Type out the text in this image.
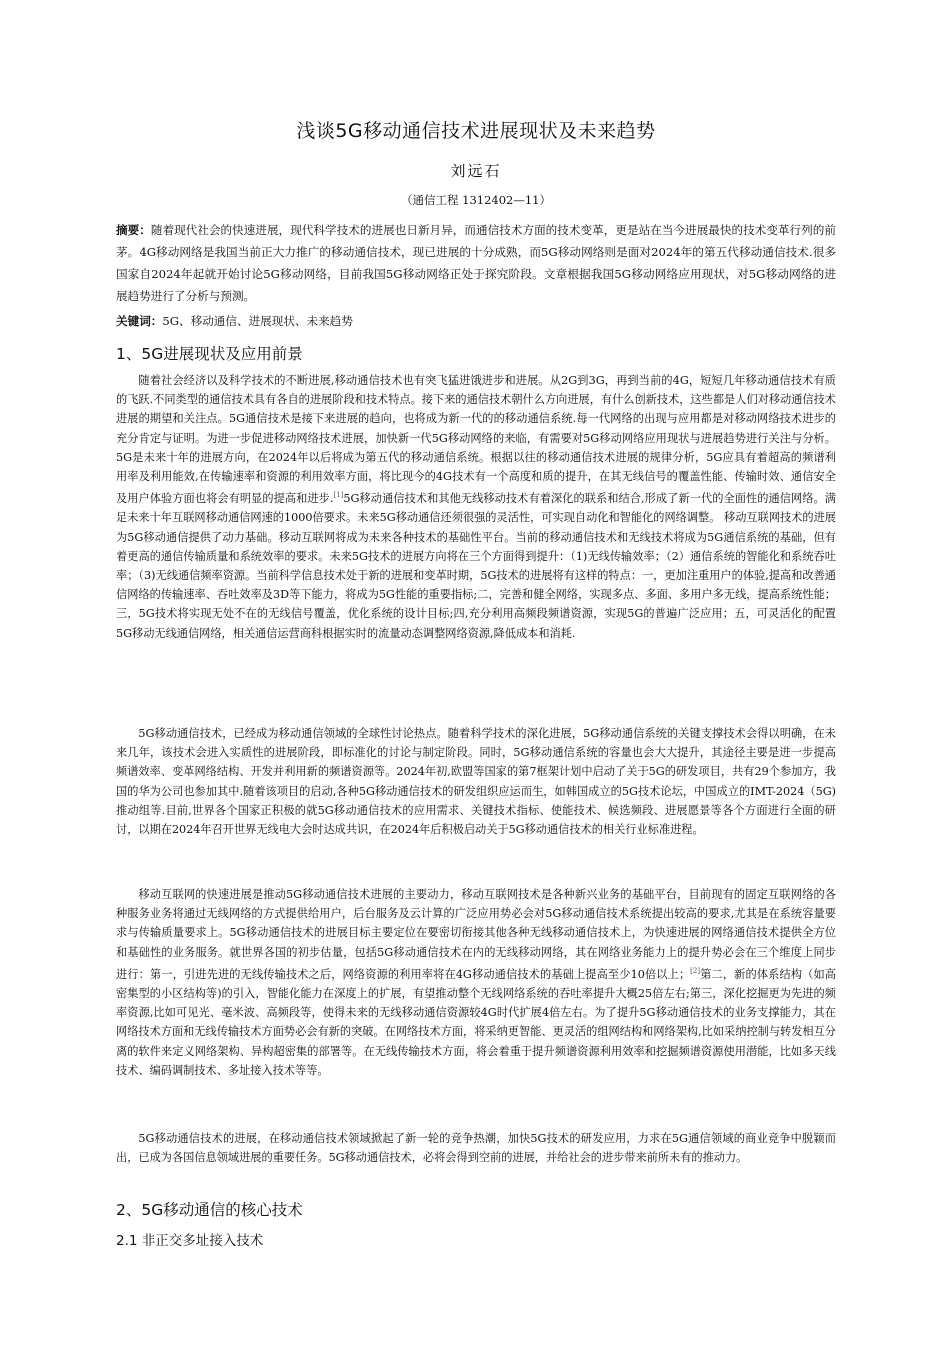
浅谈5G移动通信技术进展现状及未来趋势
刘远石
（通信工程 1312402—11）
摘要：随着现代社会的快速进展，现代科学技术的进展也日新月异，而通信技术方面的技术变革，更是站在当今进展最快的技术变革行列的前茅。4G移动网络是我国当前正大力推广的移动通信技术，现已进展的十分成熟，而5G移动网络则是面对2024年的第五代移动通信技术.很多国家自2024年起就开始讨论5G移动网络，目前我国5G移动网络正处于探究阶段。文章根据我国5G移动网络应用现状，对5G移动网络的进展趋势进行了分析与预测。
关键词：5G、移动通信、进展现状、未来趋势
1、5G进展现状及应用前景

随着社会经济以及科学技术的不断进展,移动通信技术也有突飞猛进饿进步和进展。从2G到3G，再到当前的4G，短短几年移动通信技术有质的飞跃.不同类型的通信技术具有各自的进展阶段和技术特点。接下来的通信技术朝什么方向进展，有什么创新技术，这些都是人们对移动通信技术进展的期望和关注点。5G通信技术是接下来进展的趋向，也将成为新一代的的移动通信系统.每一代网络的出现与应用都是对移动网络技术进步的充分肯定与证明。为进一步促进移动网络技术进展，加快新一代5G移动网络的来临，有需要对5G移动网络应用现状与进展趋势进行关注与分析。5G是未来十年的进展方向，在2024年以后将成为第五代的移动通信系统。根据以往的移动通信技术进展的规律分析，5G应具有着超高的频谱利用率及利用能效,在传输速率和资源的利用效率方面，将比现今的4G技术有一个高度和质的提升，在其无线信号的覆盖性能、传输时效、通信安全及用户体验方面也将会有明显的提高和进步.[1]5G移动通信技术和其他无线移动技术有着深化的联系和结合,形成了新一代的全面性的通信网络。满足未来十年互联网移动通信网速的1000倍要求。未来5G移动通信还须很强的灵活性，可实现自动化和智能化的网络调整。 移动互联网技术的进展为5G移动通信提供了动力基础。移动互联网将成为未来各种技术的基础性平台。当前的移动通信技术和无线技术将成为5G通信系统的基础，但有着更高的通信传输质量和系统效率的要求。未来5G技术的进展方向将在三个方面得到提升：（1)无线传输效率；（2）通信系统的智能化和系统吞吐率；（3)无线通信频率资源。当前科学信息技术处于新的进展和变革时期，5G技术的进展将有这样的特点：一，更加注重用户的体验,提高和改善通信网络的传输速率、吞吐效率及3D等下能力，将成为5G性能的重要指标;二，完善和健全网络，实现多点、多面、多用户多无线，提高系统性能；三，5G技术将实现无处不在的无线信号覆盖，优化系统的设计目标;四,充分利用高频段频谱资源，实现5G的普遍广泛应用；五，可灵活化的配置5G移动无线通信网络，相关通信运营商科根据实时的流量动态调整网络资源,降低成本和消耗.

5G移动通信技术，已经成为移动通信领域的全球性讨论热点。随着科学技术的深化进展，5G移动通信系统的关键支撑技术会得以明确，在未来几年，该技术会进入实质性的进展阶段，即标准化的讨论与制定阶段。同时，5G移动通信系统的容量也会大大提升，其途径主要是进一步提高频谱效率、变革网络结构、开发并利用新的频谱资源等。2024年初,欧盟等国家的第7框架计划中启动了关于5G的研发项目，共有29个参加方，我国的华为公司也参加其中.随着该项目的启动,各种5G移动通信技术的研发组织应运而生，如韩国成立的5G技术论坛，中国成立的IMT-2024（5G)推动组等.目前,世界各个国家正积极的就5G移动通信技术的应用需求、关键技术指标、使能技术、候选频段、进展愿景等各个方面进行全面的研讨，以期在2024年召开世界无线电大会时达成共识，在2024年后积极启动关于5G移动通信技术的相关行业标准进程。

移动互联网的快速进展是推动5G移动通信技术进展的主要动力，移动互联网技术是各种新兴业务的基础平台，目前现有的固定互联网络的各种服务业务将通过无线网络的方式提供给用户，后台服务及云计算的广泛应用势必会对5G移动通信技术系统提出较高的要求,尤其是在系统容量要求与传输质量要求上。5G移动通信技术的进展目标主要定位在要密切衔接其他各种无线移动通信技术上，为快速进展的网络通信技术提供全方位和基础性的业务服务。就世界各国的初步估量，包括5G移动通信技术在内的无线移动网络，其在网络业务能力上的提升势必会在三个维度上同步进行：第一，引进先进的无线传输技术之后，网络资源的利用率将在4G移动通信技术的基础上提高至少10倍以上；[2]第二，新的体系结构（如高密集型的小区结构等)的引入，智能化能力在深度上的扩展，有望推动整个无线网络系统的吞吐率提升大概25倍左右;第三，深化挖掘更为先进的频率资源,比如可见光、毫米波、高频段等，使得未来的无线移动通信资源较4G时代扩展4倍左右。为了提升5G移动通信技术的业务支撑能力，其在网络技术方面和无线传输技术方面势必会有新的突破。在网络技术方面，将采纳更智能、更灵活的组网结构和网络架构,比如采纳控制与转发相互分离的软件来定义网络架构、异构超密集的部署等。在无线传输技术方面，将会着重于提升频谱资源利用效率和挖掘频谱资源使用潜能，比如多天线技术、编码调制技术、多址接入技术等等。

5G移动通信技术的进展，在移动通信技术领域掀起了新一轮的竞争热潮，加快5G技术的研发应用，力求在5G通信领域的商业竞争中脱颖而出，已成为各国信息领域进展的重要任务。5G移动通信技术，必将会得到空前的进展，并给社会的进步带来前所未有的推动力。

2、5G移动通信的核心技术
2.1 非正交多址接入技术
